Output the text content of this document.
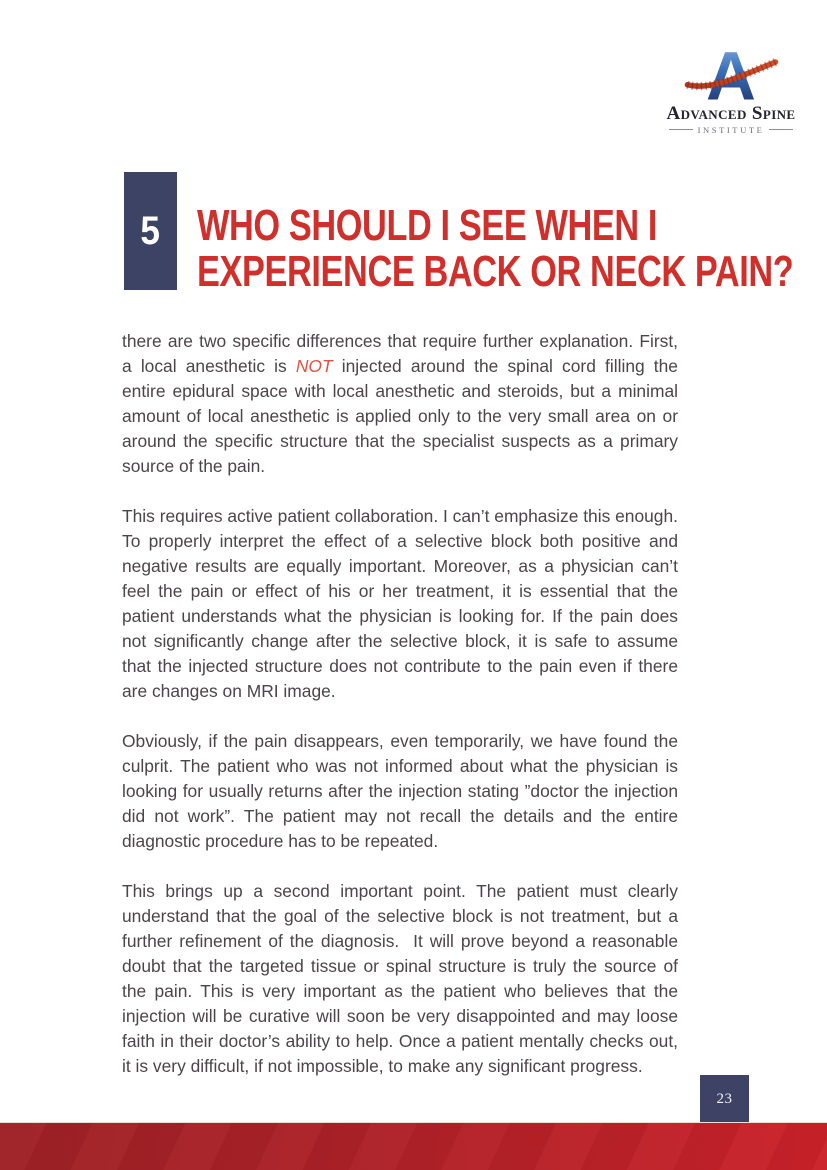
A
Advanced Spine
INSTITUTE
5 WHO SHOULD I SEE WHEN I
EXPERIENCE BACK OR NECK PAIN?

there are two specific differences that require further explanation. First, a local anesthetic is NOT injected around the spinal cord filling the entire epidural space with local anesthetic and steroids, but a minimal amount of local anesthetic is applied only to the very small area on or around the specific structure that the specialist suspects as a primary source of the pain.

This requires active patient collaboration. I can’t emphasize this enough. To properly interpret the effect of a selective block both positive and negative results are equally important. Moreover, as a physician can’t feel the pain or effect of his or her treatment, it is essential that the patient understands what the physician is looking for. If the pain does not significantly change after the selective block, it is safe to assume that the injected structure does not contribute to the pain even if there are changes on MRI image.

Obviously, if the pain disappears, even temporarily, we have found the culprit. The patient who was not informed about what the physician is looking for usually returns after the injection stating ”doctor the injection did not work”. The patient may not recall the details and the entire diagnostic procedure has to be repeated.

This brings up a second important point. The patient must clearly understand that the goal of the selective block is not treatment, but a further refinement of the diagnosis.  It will prove beyond a reasonable doubt that the targeted tissue or spinal structure is truly the source of the pain. This is very important as the patient who believes that the injection will be curative will soon be very disappointed and may loose faith in their doctor’s ability to help. Once a patient mentally checks out, it is very difficult, if not impossible, to make any significant progress.

23
